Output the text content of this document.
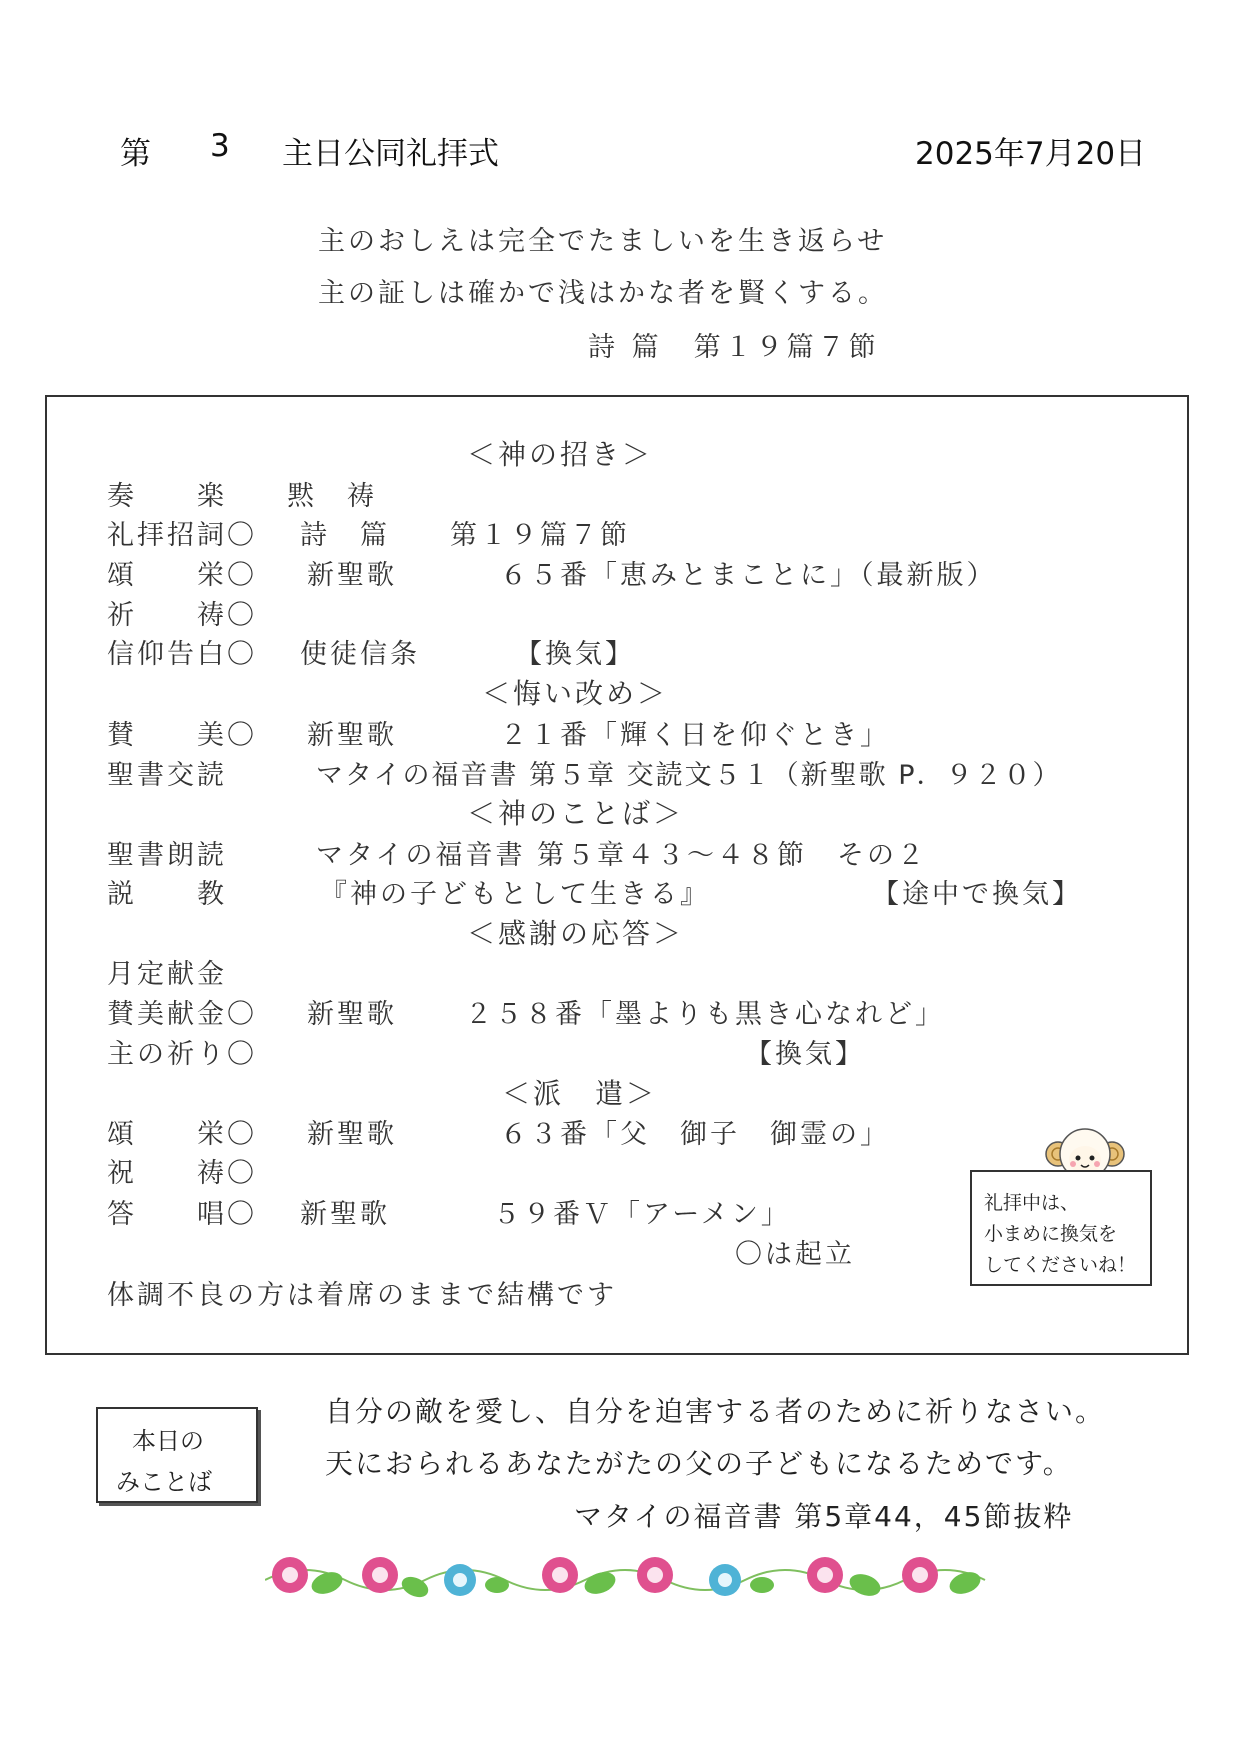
第 3 主日公同礼拝式	2025年7月20日
主のおしえは完全でたましいを生き返らせ
主の証しは確かで浅はかな者を賢くする。
詩 篇　第１９篇７節
＜神の招き＞
奏　　楽　　黙　祷
礼拝招詞〇 詩　篇　　第１９篇７節
頌　　栄〇 新聖歌	６５番「恵みとまことに」（最新版）
祈　　祷〇
信仰告白〇 使徒信条	【換気】
＜悔い改め＞
賛　　美〇 新聖歌	２１番「輝く日を仰ぐとき」
聖書交読	マタイの福音書 第５章 交読文５１（新聖歌 P．９２０）
＜神のことば＞
聖書朗読	マタイの福音書 第５章４３～４８節　その２
説　　教	『神の子どもとして生きる』	【途中で換気】
＜感謝の応答＞
月定献金
賛美献金〇 新聖歌	２５８番「墨よりも黒き心なれど」
主の祈り〇	【換気】
＜派　遣＞
頌　　栄〇 新聖歌	６３番「父　御子　御霊の」
祝　　祷〇
答　　唱〇 新聖歌	５９番Ｖ「アーメン」
〇は起立
体調不良の方は着席のままで結構です
礼拝中は、
小まめに換気を
してくださいね！
本日の
みことば
自分の敵を愛し、自分を迫害する者のために祈りなさい。
天におられるあなたがたの父の子どもになるためです。
マタイの福音書 第5章44，45節抜粋
